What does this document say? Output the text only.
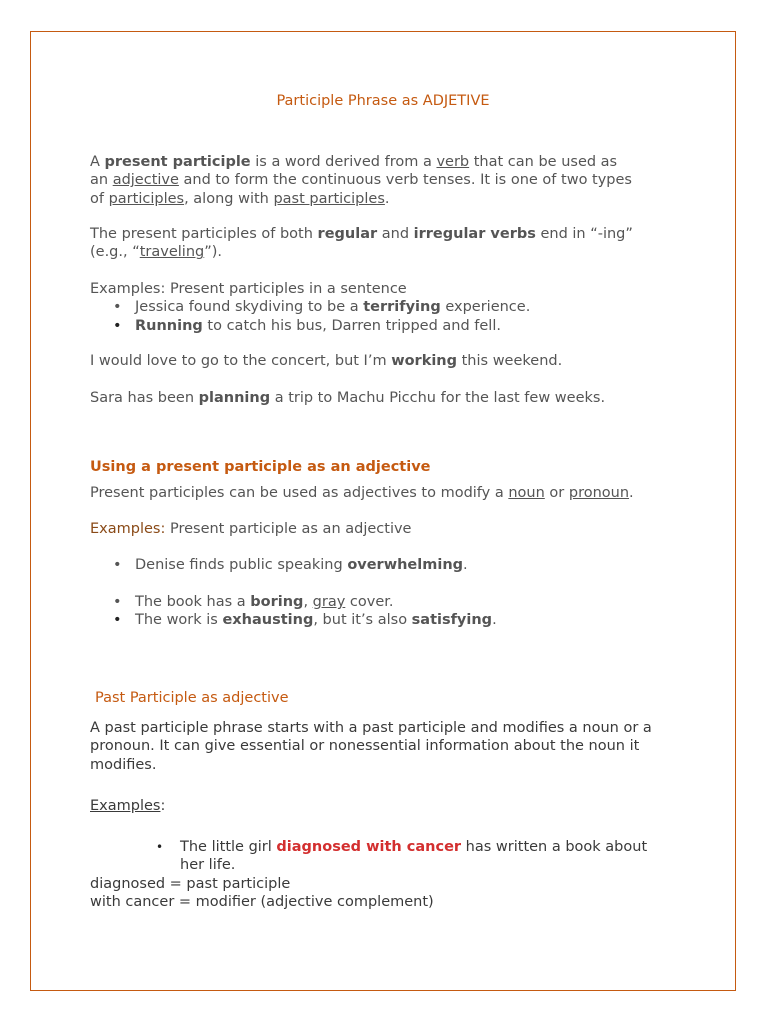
Participle Phrase as ADJETIVE
A present participle is a word derived from a verb that can be used as
an adjective and to form the continuous verb tenses. It is one of two types
of participles, along with past participles.
The present participles of both regular and irregular verbs end in “-ing”
(e.g., “traveling”).
Examples: Present participles in a sentence
• Jessica found skydiving to be a terrifying experience.
• Running to catch his bus, Darren tripped and fell.
I would love to go to the concert, but I’m working this weekend.
Sara has been planning a trip to Machu Picchu for the last few weeks.
Using a present participle as an adjective
Present participles can be used as adjectives to modify a noun or pronoun.
Examples: Present participle as an adjective
• Denise finds public speaking overwhelming.
• The book has a boring, gray cover.
• The work is exhausting, but it’s also satisfying.
Past Participle as adjective
A past participle phrase starts with a past participle and modifies a noun or a
pronoun. It can give essential or nonessential information about the noun it
modifies.
Examples:
• The little girl diagnosed with cancer has written a book about
her life.
diagnosed = past participle
with cancer = modifier (adjective complement)
